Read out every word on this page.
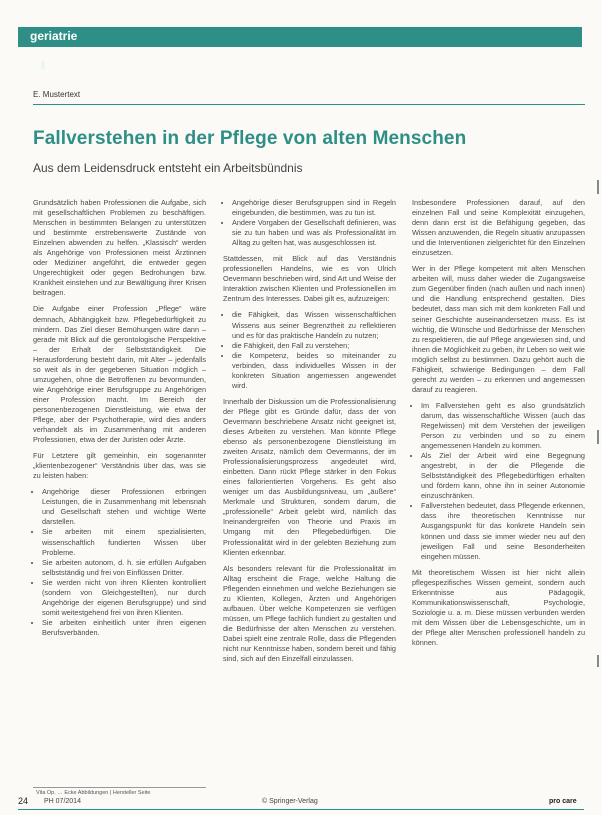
geriatrie
E. Mustertext
Fallverstehen in der Pflege von alten Menschen
Aus dem Leidensdruck entsteht ein Arbeitsbündnis

Grundsätzlich haben Professionen die Aufgabe, sich mit gesellschaftlichen Problemen zu beschäftigen. Menschen in bestimmten Belangen zu unterstützen und bestimmte erstrebenswerte Zustände von Einzelnen abwenden zu helfen. „Klassisch“ werden als Angehörige von Professionen meist Ärztinnen oder Mediziner angeführt, die entweder gegen Ungerechtigkeit oder gegen Bedrohungen bzw. Krankheit einstehen und zur Bewältigung ihrer Krisen beitragen.

Die Aufgabe einer Profession „Pflege“ wäre demnach, Abhängigkeit bzw. Pflegebedürftigkeit zu mindern. Das Ziel dieser Bemühungen wäre dann – gerade mit Blick auf die gerontologische Perspektive – der Erhalt der Selbstständigkeit. Die Herausforderung besteht darin, mit Alter – jedenfalls so weit als in der gegebenen Situation möglich – umzugehen, ohne die Betroffenen zu bevormunden, wie Angehörige einer Berufsgruppe zu Angehörigen einer Profession macht. Im Bereich der personenbezogenen Dienstleistung, wie etwa der Pflege, aber der Psychotherapie, wird dies anders verhandelt als im Zusammenhang mit anderen Professionen, etwa der der Juristen oder Ärzte.

Für Letztere gilt gemeinhin, ein sogenannter „klientenbezogener“ Verständnis über das, was sie zu leisten haben:

• Angehörige dieser Professionen erbringen Leistungen, die in Zusammenhang mit lebensnah und Gesellschaft stehen und wichtige Werte darstellen.
• Sie arbeiten mit einem spezialisierten, wissenschaftlich fundierten Wissen über Probleme.
• Sie arbeiten autonom, d. h. sie erfüllen Aufgaben selbstständig und frei von Einflüssen Dritter.
• Sie werden nicht von ihren Klienten kontrolliert (sondern von Gleichgestellten), nur durch Angehörige der eigenen Berufsgruppe) und sind somit weitestgehend frei von ihren Klienten.
• Sie arbeiten einheitlich unter ihren eigenen Berufsverbänden.
Vita Op. … Ecke Abbildungen | Hersteller Seite
• Angehörige dieser Berufsgruppen sind in Regeln eingebunden, die bestimmen, was zu tun ist.
• Andere Vorgaben der Gesellschaft definieren, was sie zu tun haben und was als Professionalität im Alltag zu gelten hat, was ausgeschlossen ist.

Stattdessen, mit Blick auf das Verständnis professionellen Handelns, wie es von Ulrich Oevermann beschrieben wird, sind Art und Weise der Interaktion zwischen Klienten und Professionellen im Zentrum des Interesses. Dabei gilt es, aufzuzeigen:

• die Fähigkeit, das Wissen wissenschaftlichen Wissens aus seiner Begrenztheit zu reflektieren und es für das praktische Handeln zu nutzen;
• die Fähigkeit, den Fall zu verstehen;
• die Kompetenz, beides so miteinander zu verbinden, dass individuelles Wissen in der konkreten Situation angemessen angewendet wird.

Innerhalb der Diskussion um die Professionalisierung der Pflege gibt es Gründe dafür, dass der von Oevermann beschriebene Ansatz nicht geeignet ist, dieses Arbeiten zu verstehen. Man könnte Pflege ebenso als personenbezogene Dienstleistung im zweiten Ansatz, nämlich dem Oevermanns, der im Professionalisierungsprozess angedeutet wird, einbetten. Dann rückt Pflege stärker in den Fokus eines fallorientierten Vorgehens. Es geht also weniger um das Ausbildungsniveau, um „äußere“ Merkmale und Strukturen, sondern darum, die „professionelle“ Arbeit gelebt wird, nämlich das Ineinandergreifen von Theorie und Praxis im Umgang mit den Pflegebedürftigen. Die Professionalität wird in der gelebten Beziehung zum Klienten erkennbar.

Als besonders relevant für die Professionalität im Alltag erscheint die Frage, welche Haltung die Pflegenden einnehmen und welche Beziehungen sie zu Klienten, Kollegen, Ärzten und Angehörigen aufbauen. Über welche Kompetenzen sie verfügen müssen, um Pflege fachlich fundiert zu gestalten und die Bedürfnisse der alten Menschen zu verstehen. Dabei spielt eine zentrale Rolle, dass die Pflegenden nicht nur Kenntnisse haben, sondern bereit und fähig sind, sich auf den Einzelfall einzulassen.

Insbesondere Professionen darauf, auf den einzelnen Fall und seine Komplexität einzugehen, denn dann erst ist die Befähigung gegeben, das Wissen anzuwenden, die Regeln situativ anzupassen und die Interventionen zielgerichtet für den Einzelnen einzusetzen.

Wer in der Pflege kompetent mit alten Menschen arbeiten will, muss daher wieder die Zugangsweise zum Gegenüber finden (nach außen und nach innen) und die Handlung entsprechend gestalten. Dies bedeutet, dass man sich mit dem konkreten Fall und seiner Geschichte auseinandersetzen muss. Es ist wichtig, die Wünsche und Bedürfnisse der Menschen zu respektieren, die auf Pflege angewiesen sind, und ihnen die Möglichkeit zu geben, ihr Leben so weit wie möglich selbst zu bestimmen. Dazu gehört auch die Fähigkeit, schwierige Bedingungen – dem Fall gerecht zu werden – zu erkennen und angemessen darauf zu reagieren.

• Im Fallverstehen geht es also grundsätzlich darum, das wissenschaftliche Wissen (auch das Regelwissen) mit dem Verstehen der jeweiligen Person zu verbinden und so zu einem angemessenen Handeln zu kommen.
• Als Ziel der Arbeit wird eine Begegnung angestrebt, in der die Pflegende die Selbstständigkeit des Pflegebedürftigen erhalten und fördern kann, ohne ihn in seiner Autonomie einzuschränken.
• Fallverstehen bedeutet, dass Pflegende erkennen, dass ihre theoretischen Kenntnisse nur Ausgangspunkt für das konkrete Handeln sein können und dass sie immer wieder neu auf den jeweiligen Fall und seine Besonderheiten eingehen müssen.

Mit theoretischem Wissen ist hier nicht allein pflegespezifisches Wissen gemeint, sondern auch Erkenntnisse aus Pädagogik, Kommunikationswissenschaft, Psychologie, Soziologie u. a. m. Diese müssen verbunden werden mit dem Wissen über die Lebensgeschichte, um in der Pflege alter Menschen professionell handeln zu können.

24 PH 07/2014	© Springer-Verlag	pro care
